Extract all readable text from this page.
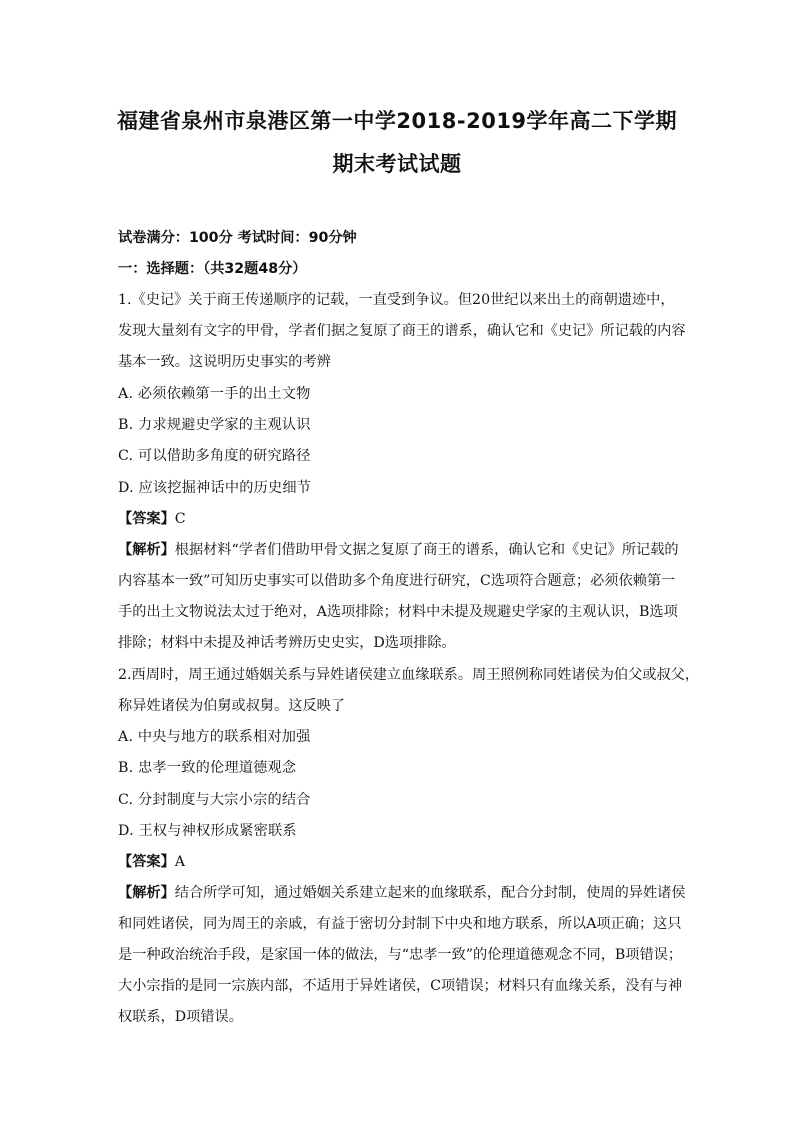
福建省泉州市泉港区第一中学2018-2019学年高二下学期
期末考试试题
试卷满分：100分 考试时间：90分钟
一：选择题：（共32题48分）
1.《史记》关于商王传递顺序的记载，一直受到争议。但20世纪以来出土的商朝遗迹中，
发现大量刻有文字的甲骨，学者们据之复原了商王的谱系，确认它和《史记》所记载的内容
基本一致。这说明历史事实的考辨
A. 必须依赖第一手的出土文物
B. 力求规避史学家的主观认识
C. 可以借助多角度的研究路径
D. 应该挖掘神话中的历史细节
【答案】C
【解析】根据材料“学者们借助甲骨文据之复原了商王的谱系，确认它和《史记》所记载的
内容基本一致”可知历史事实可以借助多个角度进行研究，C选项符合题意；必须依赖第一
手的出土文物说法太过于绝对，A选项排除；材料中未提及规避史学家的主观认识，B选项
排除；材料中未提及神话考辨历史史实，D选项排除。
2.西周时，周王通过婚姻关系与异姓诸侯建立血缘联系。周王照例称同姓诸侯为伯父或叔父，
称异姓诸侯为伯舅或叔舅。这反映了
A. 中央与地方的联系相对加强
B. 忠孝一致的伦理道德观念
C. 分封制度与大宗小宗的结合
D. 王权与神权形成紧密联系
【答案】A
【解析】结合所学可知，通过婚姻关系建立起来的血缘联系，配合分封制，使周的异姓诸侯
和同姓诸侯，同为周王的亲戚，有益于密切分封制下中央和地方联系，所以A项正确；这只
是一种政治统治手段，是家国一体的做法，与“忠孝一致”的伦理道德观念不同，B项错误；
大小宗指的是同一宗族内部，不适用于异姓诸侯，C项错误；材料只有血缘关系，没有与神
权联系，D项错误。
